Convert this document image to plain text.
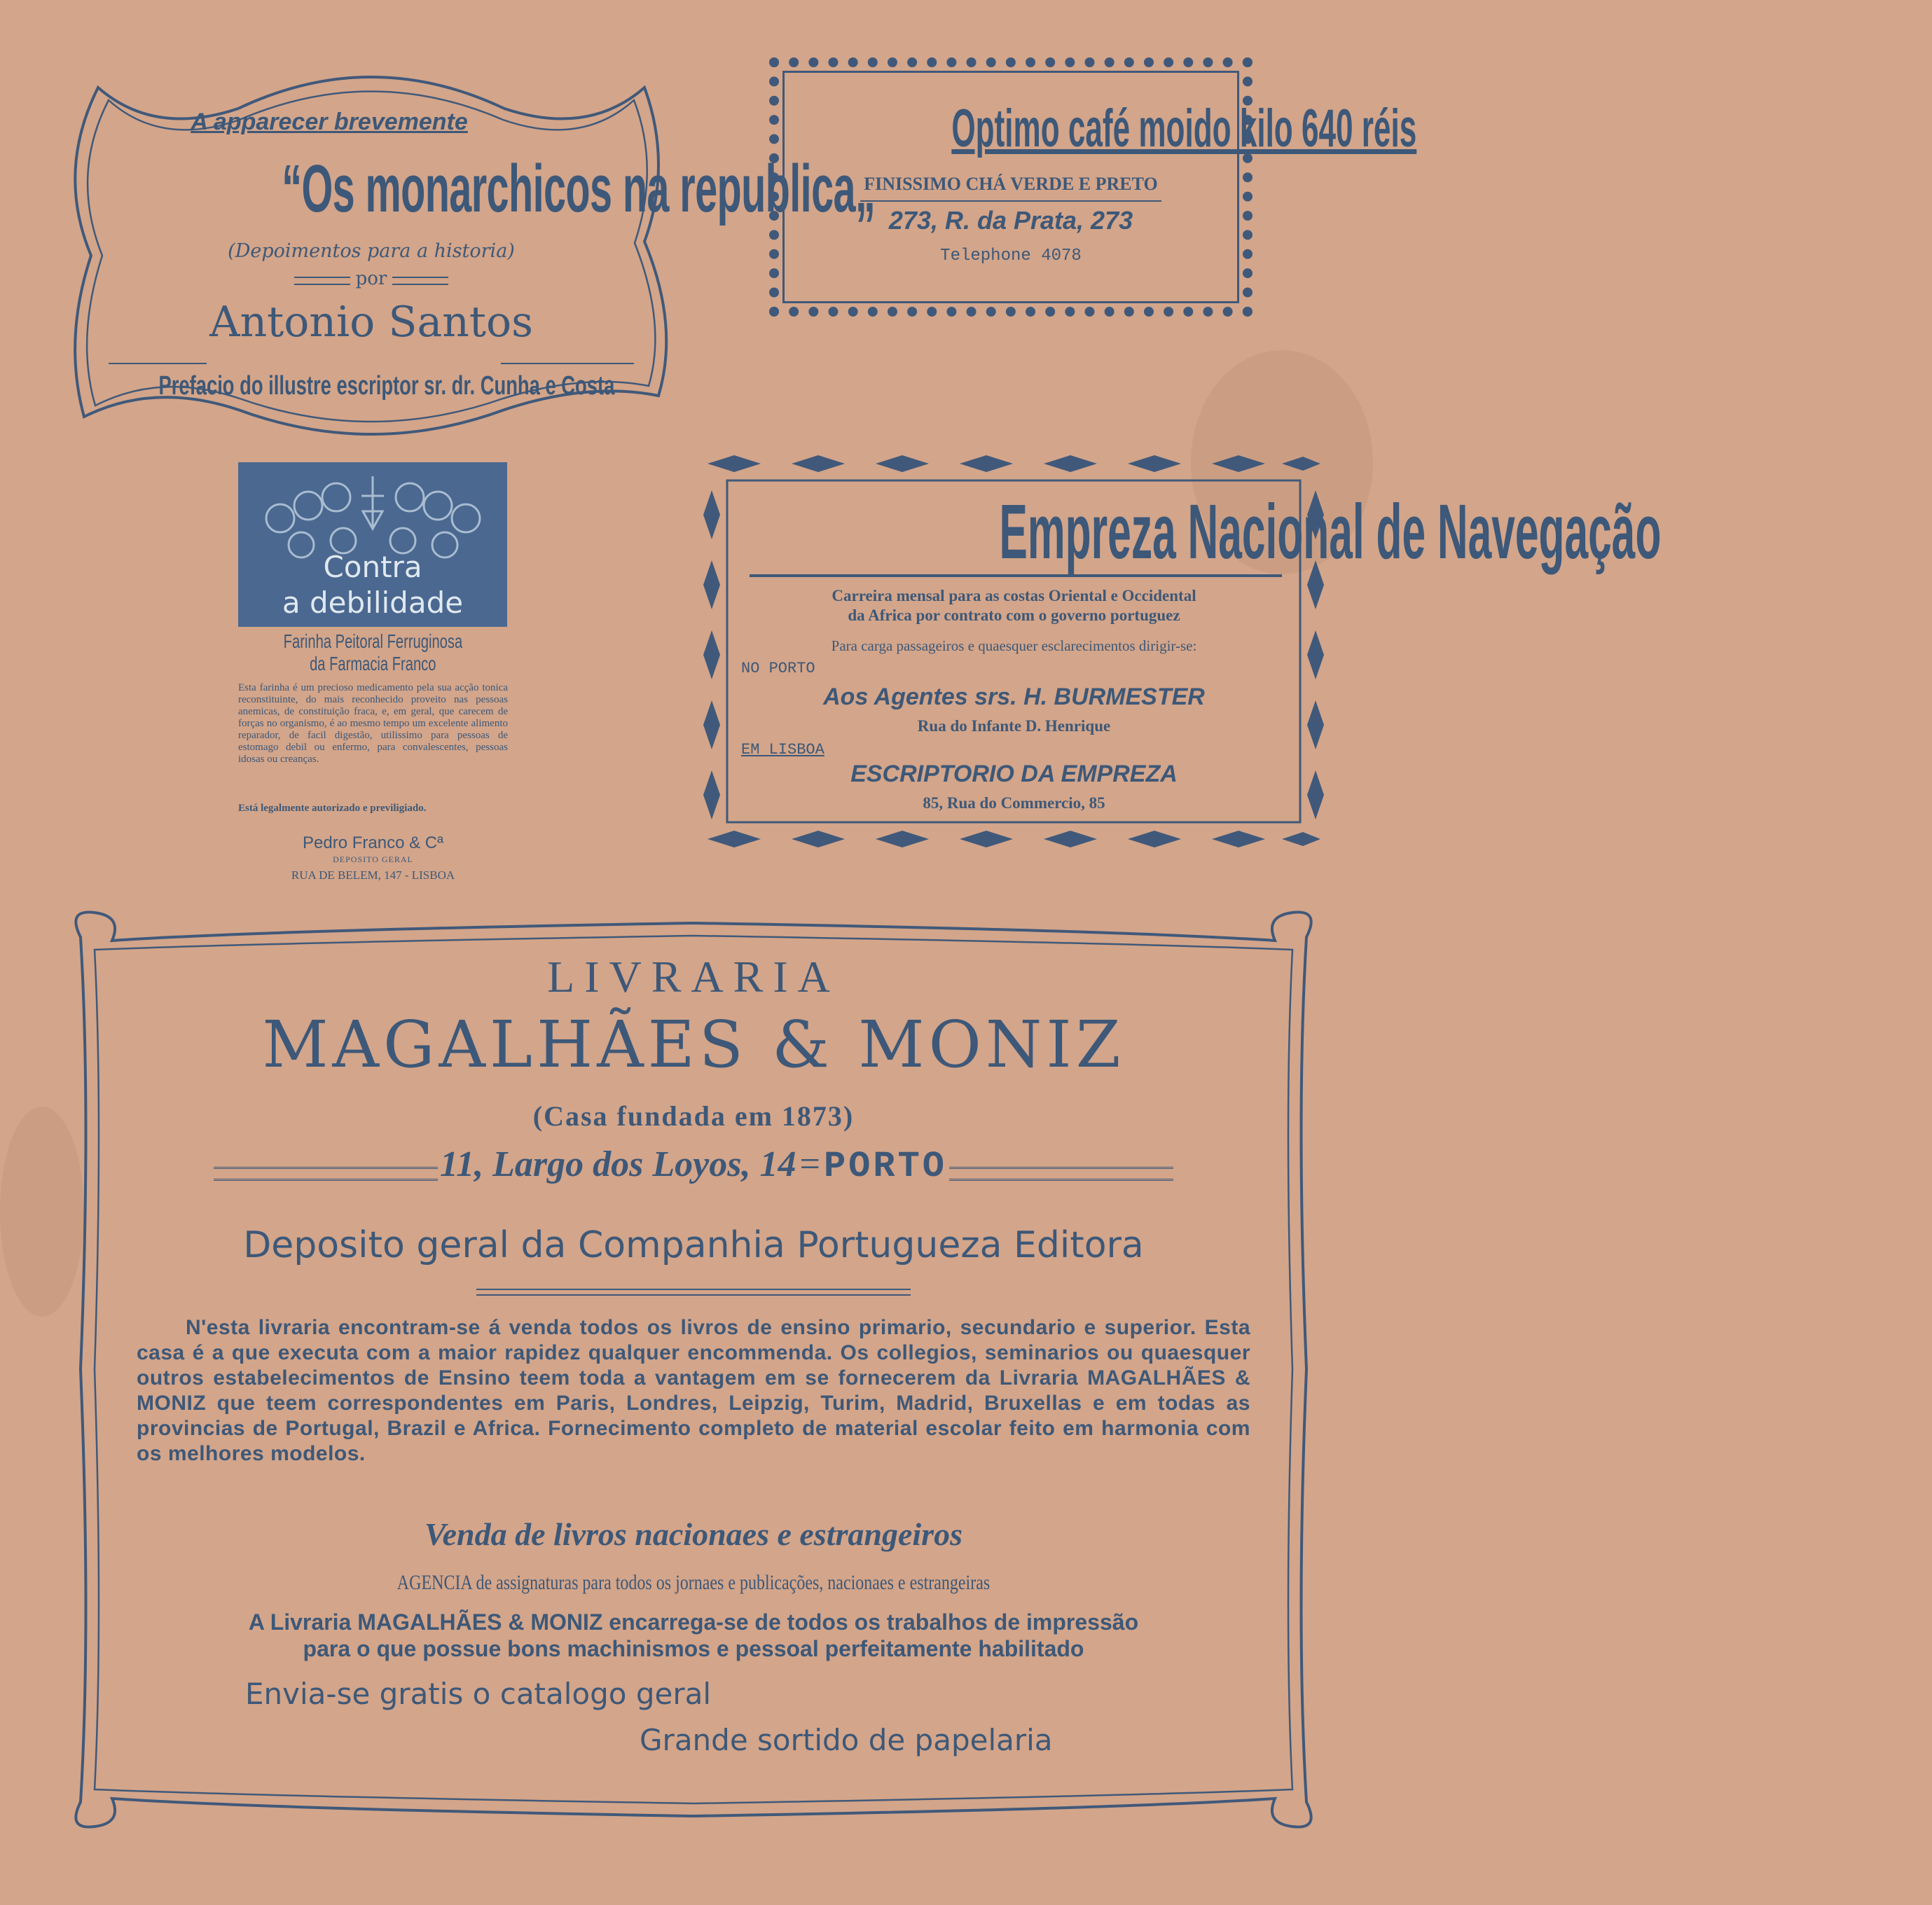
A apparecer brevemente
“Os monarchicos na republica„
(Depoimentos para a historia)
por
Antonio Santos
Prefacio do illustre escriptor sr. dr. Cunha e Costa
Optimo café moido kilo 640 réis
FINISSIMO CHÁ VERDE E PRETO
273, R. da Prata, 273
Telephone 4078
Contra
a debilidade
Farinha Peitoral Ferruginosa
da Farmacia Franco
Esta farinha é um precioso medicamento pela sua acção tonica reconstituinte, do mais reconhecido proveito nas pessoas anemicas, de constituição fraca, e, em geral, que carecem de forças no organismo, é ao mesmo tempo um excelente alimento reparador, de facil digestão, utilissimo para pessoas de estomago debil ou enfermo, para convalescentes, pessoas idosas ou creanças.
Está legalmente autorizado e previligiado.
Pedro Franco & Cª
DEPOSITO GERAL
RUA DE BELEM, 147 - LISBOA
Empreza Nacional de Navegação
Carreira mensal para as costas Oriental e Occidental
da Africa por contrato com o governo portuguez
Para carga passageiros e quaesquer esclarecimentos dirigir-se:
NO PORTO
Aos Agentes srs. H. BURMESTER
Rua do Infante D. Henrique
EM LISBOA
ESCRIPTORIO DA EMPREZA
85, Rua do Commercio, 85
LIVRARIA
MAGALHÃES & MONIZ
(Casa fundada em 1873)
11, Largo dos Loyos, 14 = PORTO
Deposito geral da Companhia Portugueza Editora
N'esta livraria encontram-se á venda todos os livros de ensino primario, secundario e superior. Esta casa é a que executa com a maior rapidez qualquer encommenda. Os collegios, seminarios ou quaesquer outros estabelecimentos de Ensino teem toda a vantagem em se fornecerem da Livraria MAGALHÃES & MONIZ que teem correspondentes em Paris, Londres, Leipzig, Turim, Madrid, Bruxellas e em todas as provincias de Portugal, Brazil e Africa. Fornecimento completo de material escolar feito em harmonia com os melhores modelos.
Venda de livros nacionaes e estrangeiros
AGENCIA de assignaturas para todos os jornaes e publicações, nacionaes e estrangeiras
A Livraria MAGALHÃES & MONIZ encarrega-se de todos os trabalhos de impressão
para o que possue bons machinismos e pessoal perfeitamente habilitado
Envia-se gratis o catalogo geral
Grande sortido de papelaria
